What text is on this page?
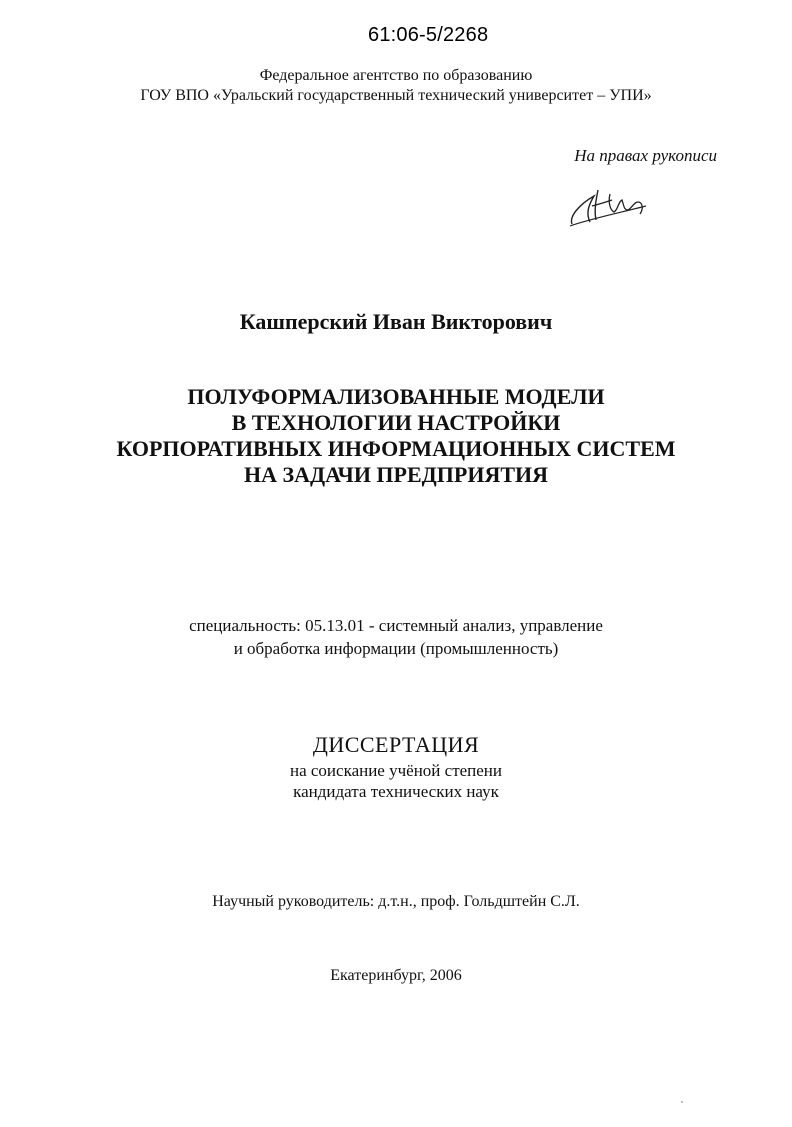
61:06-5/2268
Федеральное агентство по образованию
ГОУ ВПО «Уральский государственный технический университет – УПИ»
На правах рукописи
Кашперский Иван Викторович
ПОЛУФОРМАЛИЗОВАННЫЕ МОДЕЛИ
В ТЕХНОЛОГИИ НАСТРОЙКИ
КОРПОРАТИВНЫХ ИНФОРМАЦИОННЫХ СИСТЕМ
НА ЗАДАЧИ ПРЕДПРИЯТИЯ
специальность: 05.13.01 - системный анализ, управление
и обработка информации (промышленность)
ДИССЕРТАЦИЯ
на соискание учёной степени
кандидата технических наук
Научный руководитель: д.т.н., проф. Гольдштейн С.Л.
Екатеринбург, 2006
